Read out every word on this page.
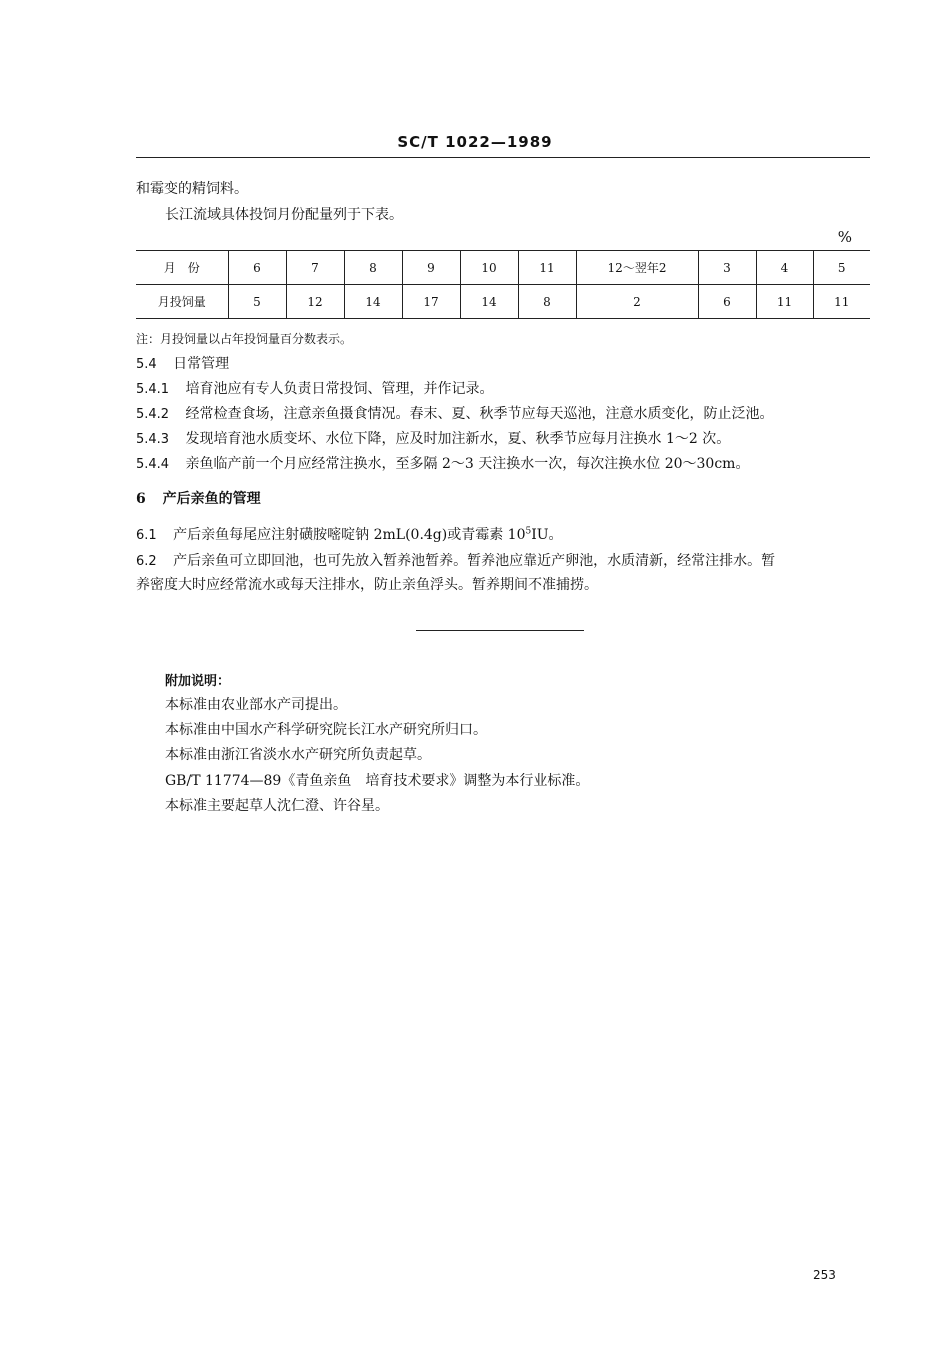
SC/T 1022—1989
和霉变的精饲料。
长江流域具体投饲月份配量列于下表。
%
月　份	6	7	8	9	10	11	12～翌年2	3	4	5
月投饲量	5	12	14	17	14	8	2	6	11	11
注：月投饲量以占年投饲量百分数表示。
5.4 日常管理
5.4.1 培育池应有专人负责日常投饲、管理，并作记录。
5.4.2 经常检查食场，注意亲鱼摄食情况。春末、夏、秋季节应每天巡池，注意水质变化，防止泛池。
5.4.3 发现培育池水质变坏、水位下降，应及时加注新水，夏、秋季节应每月注换水 1～2 次。
5.4.4 亲鱼临产前一个月应经常注换水，至多隔 2～3 天注换水一次，每次注换水位 20～30cm。
6 产后亲鱼的管理
6.1 产后亲鱼每尾应注射磺胺嘧啶钠 2mL(0.4g)或青霉素 $10^5IU$。
6.2 产后亲鱼可立即回池，也可先放入暂养池暂养。暂养池应靠近产卵池，水质清新，经常注排水。暂
养密度大时应经常流水或每天注排水，防止亲鱼浮头。暂养期间不准捕捞。
附加说明：
本标准由农业部水产司提出。
本标准由中国水产科学研究院长江水产研究所归口。
本标准由浙江省淡水水产研究所负责起草。
GB/T 11774—89《青鱼亲鱼　培育技术要求》调整为本行业标准。
本标准主要起草人沈仁澄、许谷星。
253
